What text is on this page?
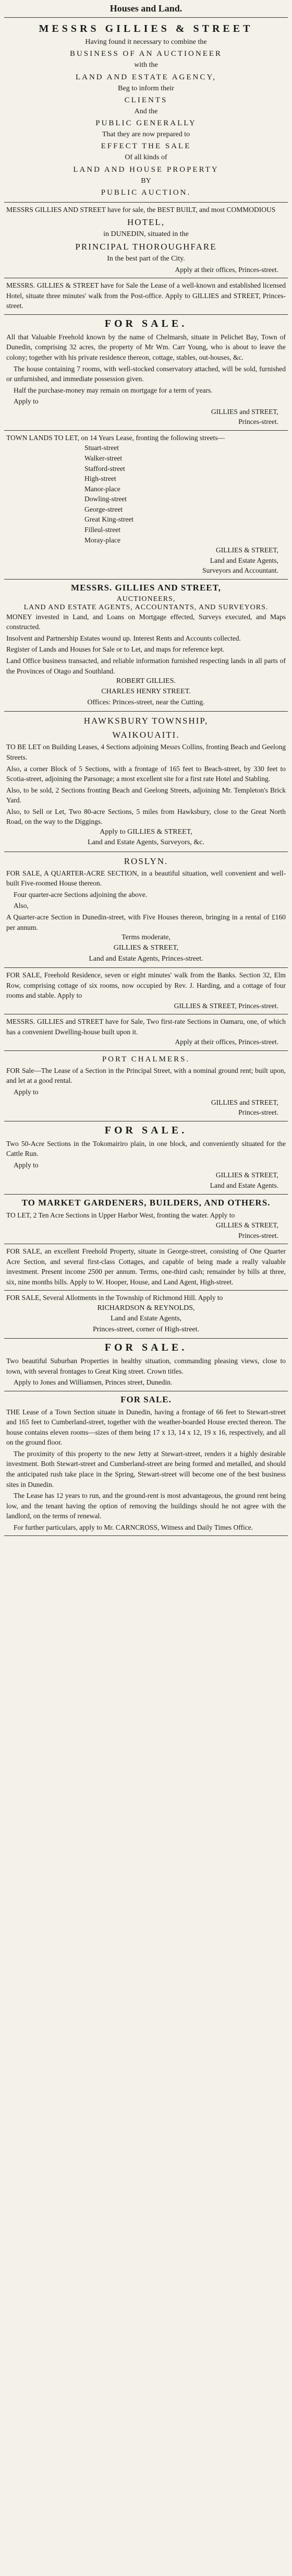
Houses and Land.
MESSRS GILLIES & STREET
Having found it necessary to combine the
BUSINESS OF AN AUCTIONEER
with the
LAND AND ESTATE AGENCY,
Beg to inform their
CLIENTS
And the
PUBLIC GENERALLY
That they are now prepared to
EFFECT THE SALE
Of all kinds of
LAND AND HOUSE PROPERTY
BY
PUBLIC AUCTION.
MESSRS GILLIES AND STREET have for sale, the BEST BUILT, and most COMMODIOUS
HOTEL,
in DUNEDIN, situated in the
PRINCIPAL THOROUGHFARE
In the best part of the City.
Apply at their offices, Princes-street.
MESSRS. GILLIES & STREET have for Sale the Lease of a well-known and established licensed Hotel, situate three minutes' walk from the Post-office. Apply to GILLIES and STREET, Princes-street.
FOR SALE.
All that Valuable Freehold known by the name of Chelmarsh, situate in Pelichet Bay, Town of Dunedin, comprising 32 acres, the property of Mr Wm. Carr Young, who is about to leave the colony; together with his private residence thereon, cottage, stables, out-houses, &c.
The house containing 7 rooms, with well-stocked conservatory attached, will be sold, furnished or unfurnished, and immediate possession given.
Half the purchase-money may remain on mortgage for a term of years.
Apply to
GILLIES and STREET,
Princes-street.
TOWN LANDS TO LET, on 14 Years Lease, fronting the following streets—
Stuart-street
Walker-street
Stafford-street
High-street
Manor-place
Dowling-street
George-street
Great King-street
Filleul-street
Moray-place
GILLIES & STREET,
Land and Estate Agents,
Surveyors and Accountant.
MESSRS. GILLIES AND STREET,
AUCTIONEERS,
LAND AND ESTATE AGENTS, ACCOUNTANTS, AND SURVEYORS.
MONEY invested in Land, and Loans on Mortgage effected, Surveys executed, and Maps constructed.
Insolvent and Partnership Estates wound up. Interest Rents and Accounts collected.
Register of Lands and Houses for Sale or to Let, and maps for reference kept.
Land Office business transacted, and reliable information furnished respecting lands in all parts of the Provinces of Otago and Southland.
ROBERT GILLIES.
CHARLES HENRY STREET.
Offices: Princes-street, near the Cutting.
HAWKSBURY TOWNSHIP,
WAIKOUAITI.
TO BE LET on Building Leases, 4 Sections adjoining Messrs Collins, fronting Beach and Geelong Streets.
Also, a corner Block of 5 Sections, with a frontage of 165 feet to Beach-street, by 330 feet to Scotia-street, adjoining the Parsonage; a most excellent site for a first rate Hotel and Stabling.
Also, to be sold, 2 Sections fronting Beach and Geelong Streets, adjoining Mr. Templeton's Brick Yard.
Also, to Sell or Let, Two 80-acre Sections, 5 miles from Hawksbury, close to the Great North Road, on the way to the Diggings.
Apply to GILLIES & STREET,
Land and Estate Agents, Surveyors, &c.
ROSLYN.
FOR SALE, A QUARTER-ACRE SECTION, in a beautiful situation, well convenient and well-built Five-roomed House thereon.
Four quarter-acre Sections adjoining the above.
Also,
A Quarter-acre Section in Dunedin-street, with Five Houses thereon, bringing in a rental of £160 per annum.
Terms moderate,
GILLIES & STREET,
Land and Estate Agents, Princes-street.
FOR SALE, Freehold Residence, seven or eight minutes' walk from the Banks. Section 32, Elm Row, comprising cottage of six rooms, now occupied by Rev. J. Harding, and a cottage of four rooms and stable. Apply to
GILLIES & STREET, Princes-street.
MESSRS. GILLIES and STREET have for Sale, Two first-rate Sections in Oamaru, one, of which has a convenient Dwelling-house built upon it.
Apply at their offices, Princes-street.
PORT CHALMERS.
FOR Sale—The Lease of a Section in the Principal Street, with a nominal ground rent; built upon, and let at a good rental.
Apply to
GILLIES and STREET,
Princes-street.
FOR SALE.
Two 50-Acre Sections in the Tokomairiro plain, in one block, and conveniently situated for the Cattle Run.
Apply to
GILLIES & STREET,
Land and Estate Agents.
TO MARKET GARDENERS, BUILDERS, AND OTHERS.
TO LET, 2 Ten Acre Sections in Upper Harbor West, fronting the water. Apply to
GILLIES & STREET,
Princes-street.
FOR SALE, an excellent Freehold Property, situate in George-street, consisting of One Quarter Acre Section, and several first-class Cottages, and capable of being made a really valuable investment. Present income 2500 per annum. Terms, one-third cash; remainder by bills at three, six, nine months bills. Apply to W. Hooper, House, and Land Agent, High-street.
FOR SALE, Several Allotments in the Township of Richmond Hill. Apply to
RICHARDSON & REYNOLDS,
Land and Estate Agents,
Princes-street, corner of High-street.
FOR SALE.
Two beautiful Suburban Properties in healthy situation, commanding pleasing views, close to town, with several frontages to Great King street. Crown titles.
Apply to Jones and Williamsen, Princes street, Dunedin.
FOR SALE.
THE Lease of a Town Section situate in Dunedin, having a frontage of 66 feet to Stewart-street and 165 feet to Cumberland-street, together with the weather-boarded House erected thereon. The house contains eleven rooms—sizes of them being 17 x 13, 14 x 12, 19 x 16, respectively, and all on the ground floor.
The proximity of this property to the new Jetty at Stewart-street, renders it a highly desirable investment. Both Stewart-street and Cumberland-street are being formed and metalled, and should the anticipated rush take place in the Spring, Stewart-street will become one of the best business sites in Dunedin.
The Lease has 12 years to run, and the ground-rent is most advantageous, the ground rent being low, and the tenant having the option of removing the buildings should he not agree with the landlord, on the terms of renewal.
For further particulars, apply to Mr. CARNCROSS, Witness and Daily Times Office.
